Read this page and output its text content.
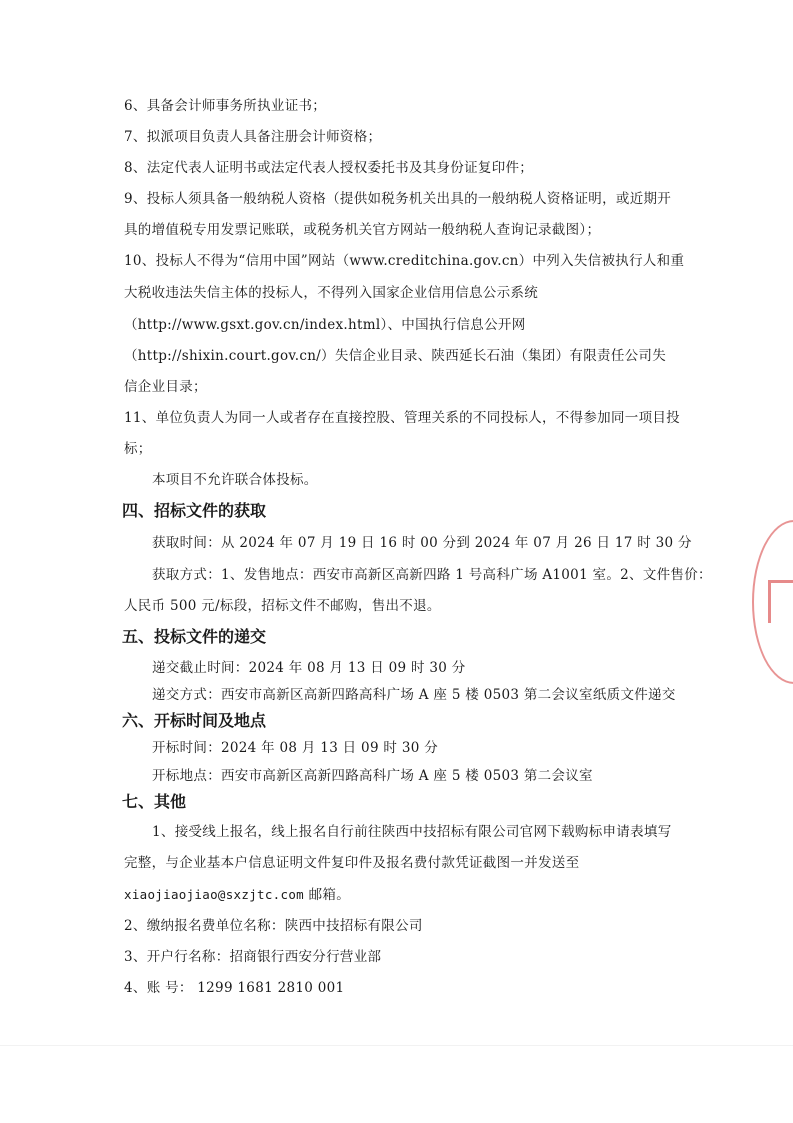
6、具备会计师事务所执业证书；
7、拟派项目负责人具备注册会计师资格；
8、法定代表人证明书或法定代表人授权委托书及其身份证复印件；
9、投标人须具备一般纳税人资格（提供如税务机关出具的一般纳税人资格证明，或近期开
具的增值税专用发票记账联，或税务机关官方网站一般纳税人查询记录截图）；
10、投标人不得为“信用中国”网站（www.creditchina.gov.cn）中列入失信被执行人和重
大税收违法失信主体的投标人，不得列入国家企业信用信息公示系统
（http://www.gsxt.gov.cn/index.html）、中国执行信息公开网
（http://shixin.court.gov.cn/）失信企业目录、陕西延长石油（集团）有限责任公司失
信企业目录；
11、单位负责人为同一人或者存在直接控股、管理关系的不同投标人，不得参加同一项目投
标；
本项目不允许联合体投标。
四、招标文件的获取
获取时间：从 2024 年 07 月 19 日 16 时 00 分到 2024 年 07 月 26 日 17 时 30 分
获取方式：1、发售地点：西安市高新区高新四路 1 号高科广场 A1001 室。2、文件售价：
人民币 500 元/标段，招标文件不邮购，售出不退。
五、投标文件的递交
递交截止时间：2024 年 08 月 13 日 09 时 30 分
递交方式：西安市高新区高新四路高科广场 A 座 5 楼 0503 第二会议室纸质文件递交
六、开标时间及地点
开标时间：2024 年 08 月 13 日 09 时 30 分
开标地点：西安市高新区高新四路高科广场 A 座 5 楼 0503 第二会议室
七、其他
1、接受线上报名，线上报名自行前往陕西中技招标有限公司官网下载购标申请表填写
完整，与企业基本户信息证明文件复印件及报名费付款凭证截图一并发送至
xiaojiaojiao@sxzjtc.com 邮箱。
2、缴纳报名费单位名称：陕西中技招标有限公司
3、开户行名称：招商银行西安分行营业部
4、账 号： 1299 1681 2810 001
